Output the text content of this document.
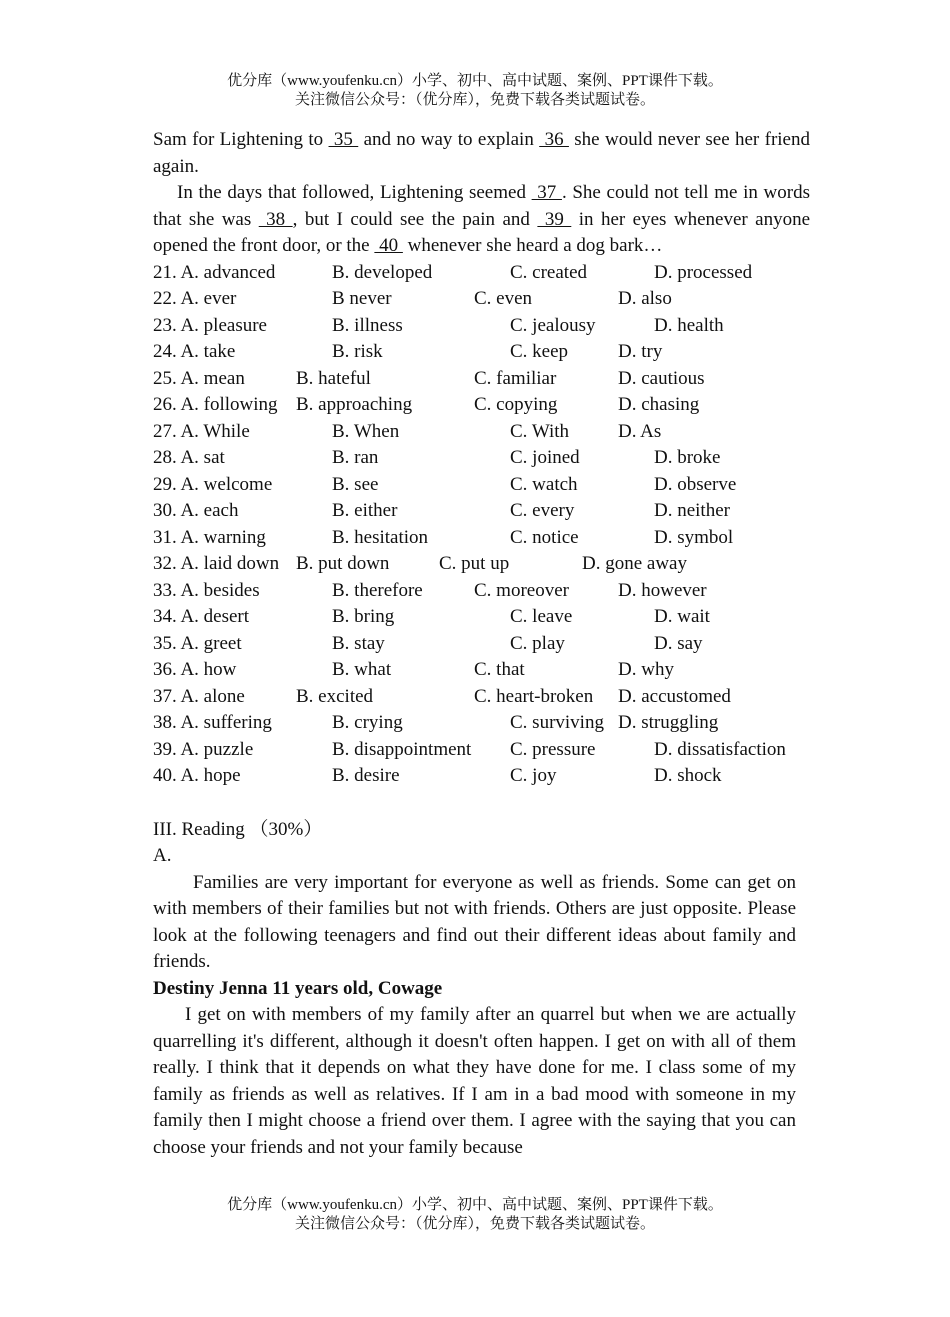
优分库（www.youfenku.cn）小学、初中、高中试题、案例、PPT课件下载。
关注微信公众号：（优分库），免费下载各类试题试卷。

Sam for Lightening to  35  and no way to explain  36  she would never see her friend again.

In the days that followed, Lightening seemed  37 . She could not tell me in words that she was  38 , but I could see the pain and  39  in her eyes whenever anyone opened the front door, or the  40  whenever she heard a dog bark…

21. A. advanced	B. developed	C. created	D. processed
22. A. ever	B never	C. even	D. also
23. A. pleasure	B. illness	C. jealousy	D. health
24. A. take	B. risk	C. keep	D. try
25. A. mean	B. hateful	C. familiar	D. cautious
26. A. following B. approaching	C. copying	D. chasing
27. A. While	B. When	C. With	D. As
28. A. sat	B. ran	C. joined	D. broke
29. A. welcome	B. see	C. watch	D. observe
30. A. each	B. either	C. every	D. neither
31. A. warning	B. hesitation	C. notice	D. symbol
32. A. laid down B. put down	C. put up	D. gone away
33. A. besides	B. therefore	C. moreover	D. however
34. A. desert	B. bring	C. leave	D. wait
35. A. greet	B. stay	C. play	D. say
36. A. how	B. what	C. that	D. why
37. A. alone	B. excited	C. heart-broken D. accustomed
38. A. suffering	B. crying	C. surviving D. struggling
39. A. puzzle	B. disappointment C. pressure	D. dissatisfaction
40. A. hope	B. desire	C. joy	D. shock
III. Reading （30%）
A.

Families are very important for everyone as well as friends. Some can get on with members of their families but not with friends. Others are just opposite. Please look at the following teenagers and find out their different ideas about family and friends.

Destiny Jenna 11 years old, Cowage

I get on with members of my family after an quarrel but when we are actually quarrelling it's different, although it doesn't often happen. I get on with all of them really. I think that it depends on what they have done for me. I class some of my family as friends as well as relatives. If I am in a bad mood with someone in my family then I might choose a friend over them. I agree with the saying that you can choose your friends and not your family because

优分库（www.youfenku.cn）小学、初中、高中试题、案例、PPT课件下载。
关注微信公众号：（优分库），免费下载各类试题试卷。
